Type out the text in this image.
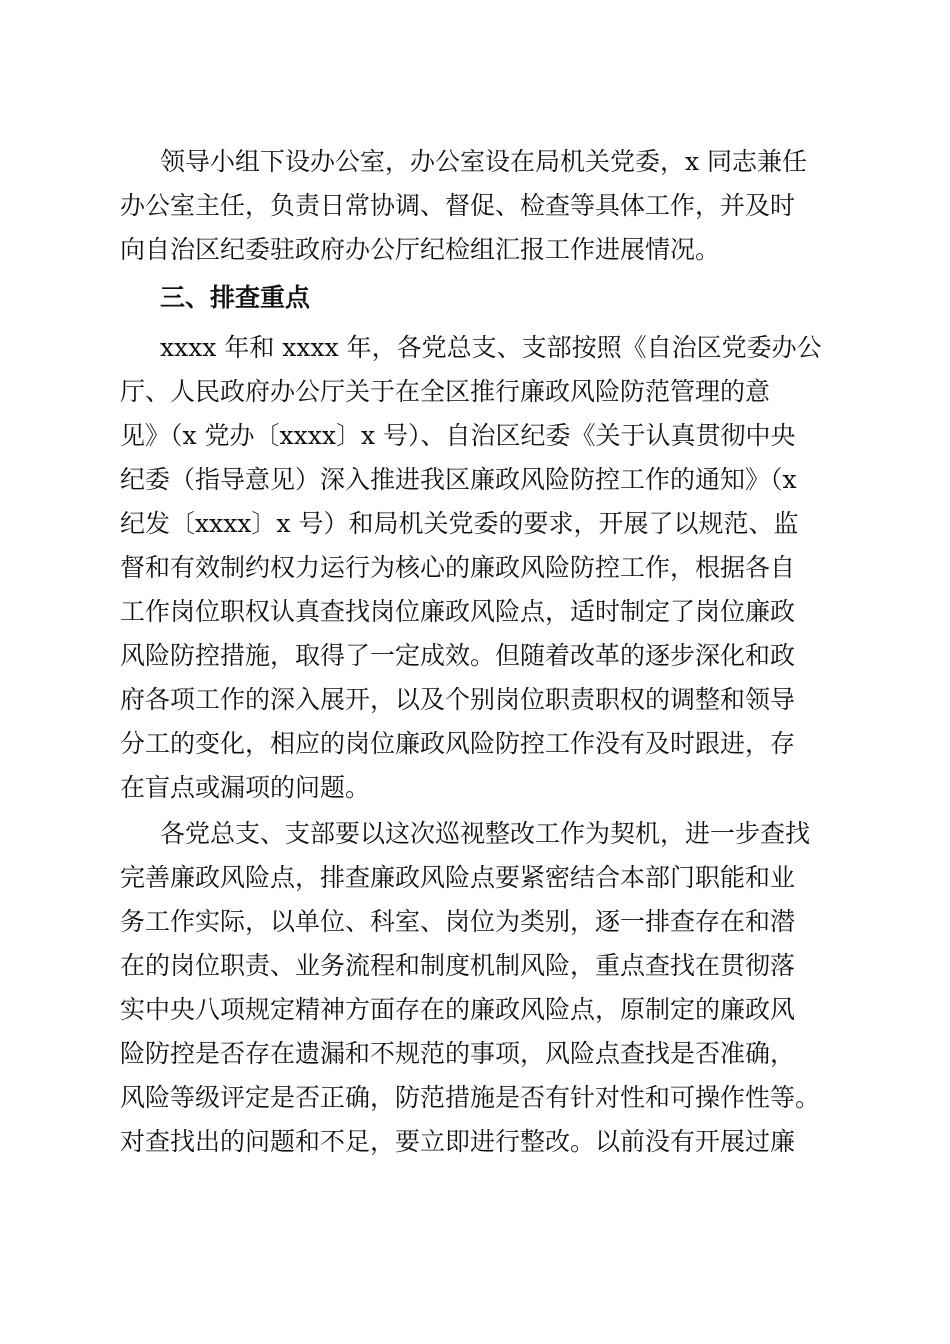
领导小组下设办公室，办公室设在局机关党委，x 同志兼任
办公室主任，负责日常协调、督促、检查等具体工作，并及时
向自治区纪委驻政府办公厅纪检组汇报工作进展情况。
三、排查重点
xxxx 年和 xxxx 年，各党总支、支部按照《自治区党委办公
厅、人民政府办公厅关于在全区推行廉政风险防范管理的意
见》（x 党办〔xxxx〕x 号）、自治区纪委《关于认真贯彻中央
纪委（指导意见）深入推进我区廉政风险防控工作的通知》（x
纪发〔xxxx〕x 号）和局机关党委的要求，开展了以规范、监
督和有效制约权力运行为核心的廉政风险防控工作，根据各自
工作岗位职权认真查找岗位廉政风险点，适时制定了岗位廉政
风险防控措施，取得了一定成效。但随着改革的逐步深化和政
府各项工作的深入展开，以及个别岗位职责职权的调整和领导
分工的变化，相应的岗位廉政风险防控工作没有及时跟进，存
在盲点或漏项的问题。
各党总支、支部要以这次巡视整改工作为契机，进一步查找
完善廉政风险点，排查廉政风险点要紧密结合本部门职能和业
务工作实际，以单位、科室、岗位为类别，逐一排查存在和潜
在的岗位职责、业务流程和制度机制风险，重点查找在贯彻落
实中央八项规定精神方面存在的廉政风险点，原制定的廉政风
险防控是否存在遗漏和不规范的事项，风险点查找是否准确，
风险等级评定是否正确，防范措施是否有针对性和可操作性等。
对查找出的问题和不足，要立即进行整改。以前没有开展过廉
